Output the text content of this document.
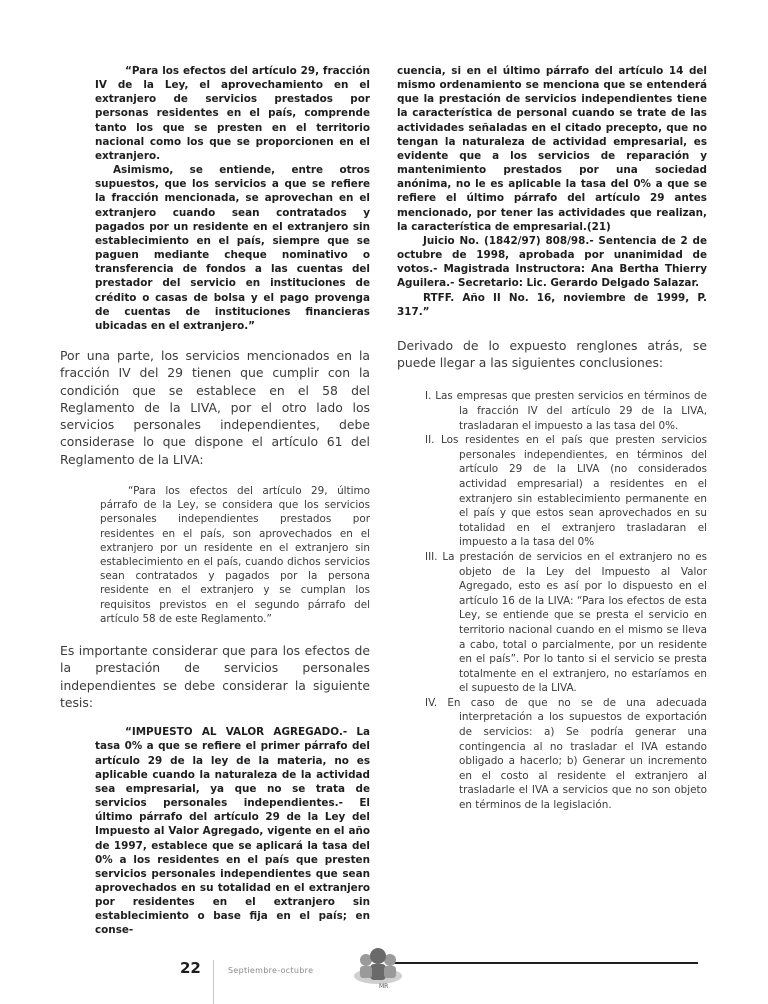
“Para los efectos del artículo 29, fracción IV de la Ley, el aprovechamiento en el extranjero de servicios prestados por personas residentes en el país, comprende tanto los que se presten en el territorio nacional como los que se proporcionen en el extranjero.

Asimismo, se entiende, entre otros supuestos, que los servicios a que se refiere la fracción mencionada, se aprovechan en el extranjero cuando sean contratados y pagados por un residente en el extranjero sin establecimiento en el país, siempre que se paguen mediante cheque nominativo o transferencia de fondos a las cuentas del prestador del servicio en instituciones de crédito o casas de bolsa y el pago provenga de cuentas de instituciones financieras ubicadas en el extranjero.”

Por una parte, los servicios mencionados en la fracción IV del 29 tienen que cumplir con la condición que se establece en el 58 del Reglamento de la LIVA, por el otro lado los servicios personales independientes, debe considerase lo que dispone el artículo 61 del Reglamento de la LIVA:

“Para los efectos del artículo 29, último párrafo de la Ley, se considera que los servicios personales independientes prestados por residentes en el país, son aprovechados en el extranjero por un residente en el extranjero sin establecimiento en el país, cuando dichos servicios sean contratados y pagados por la persona residente en el extranjero y se cumplan los requisitos previstos en el segundo párrafo del artículo 58 de este Reglamento.”

Es importante considerar que para los efectos de la prestación de servicios personales independientes se debe considerar la siguiente tesis:

“IMPUESTO AL VALOR AGREGADO.- La tasa 0% a que se refiere el primer párrafo del artículo 29 de la ley de la materia, no es aplicable cuando la naturaleza de la actividad sea empresarial, ya que no se trata de servicios personales independientes.- El último párrafo del artículo 29 de la Ley del Impuesto al Valor Agregado, vigente en el año de 1997, establece que se aplicará la tasa del 0% a los residentes en el país que presten servicios personales independientes que sean aprovechados en su totalidad en el extranjero por residentes en el extranjero sin establecimiento o base fija en el país; en conse-

cuencia, si en el último párrafo del artículo 14 del mismo ordenamiento se menciona que se entenderá que la prestación de servicios independientes tiene la característica de personal cuando se trate de las actividades señaladas en el citado precepto, que no tengan la naturaleza de actividad empresarial, es evidente que a los servicios de reparación y mantenimiento prestados por una sociedad anónima, no le es aplicable la tasa del 0% a que se refiere el último párrafo del artículo 29 antes mencionado, por tener las actividades que realizan, la característica de empresarial.(21)

Juicio No. (1842/97) 808/98.- Sentencia de 2 de octubre de 1998, aprobada por unanimidad de votos.- Magistrada Instructora: Ana Bertha Thierry Aguilera.- Secretario: Lic. Gerardo Delgado Salazar.

RTFF. Año II No. 16, noviembre de 1999, P. 317.”

Derivado de lo expuesto renglones atrás, se puede llegar a las siguientes conclusiones:

I. Las empresas que presten servicios en términos de la fracción IV del artículo 29 de la LIVA, trasladaran el impuesto a las tasa del 0%.
II. Los residentes en el país que presten servicios personales independientes, en términos del artículo 29 de la LIVA (no considerados actividad empresarial) a residentes en el extranjero sin establecimiento permanente en el país y que estos sean aprovechados en su totalidad en el extranjero trasladaran el impuesto a la tasa del 0%
III. La prestación de servicios en el extranjero no es objeto de la Ley del Impuesto al Valor Agregado, esto es así por lo dispuesto en el artículo 16 de la LIVA: “Para los efectos de esta Ley, se entiende que se presta el servicio en territorio nacional cuando en el mismo se lleva a cabo, total o parcialmente, por un residente en el país”. Por lo tanto si el servicio se presta totalmente en el extranjero, no estaríamos en el supuesto de la LIVA.
IV. En caso de que no se de una adecuada interpretación a los supuestos de exportación de servicios: a) Se podría generar una contingencia al no trasladar el IVA estando obligado a hacerlo; b) Generar un incremento en el costo al residente el extranjero al trasladarle el IVA a servicios que no son objeto en términos de la legislación.
22	Septiembre-octubre
MR
